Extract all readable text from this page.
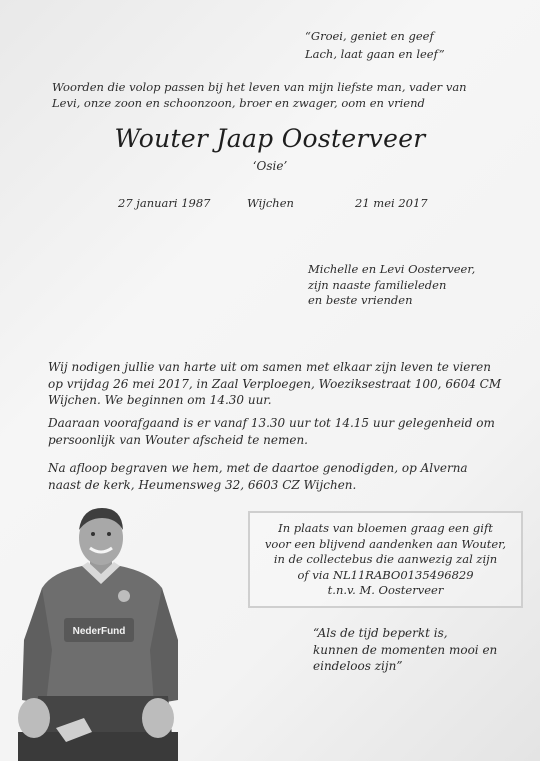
“Groei, geniet en geef
Lach, laat gaan en leef”
Woorden die volop passen bij het leven van mijn liefste man, vader van
Levi, onze zoon en schoonzoon, broer en zwager, oom en vriend
Wouter Jaap Oosterveer
‘Osie’
27 januari 1987	Wijchen	21 mei 2017
Michelle en Levi Oosterveer,
zijn naaste familieleden
en beste vrienden
Wij nodigen jullie van harte uit om samen met elkaar zijn leven te vieren
op vrijdag 26 mei 2017, in Zaal Verploegen, Woeziksestraat 100, 6604 CM
Wijchen. We beginnen om 14.30 uur.
Daaraan voorafgaand is er vanaf 13.30 uur tot 14.15 uur gelegenheid om
persoonlijk van Wouter afscheid te nemen.
Na afloop begraven we hem, met de daartoe genodigden, op Alverna
naast de kerk, Heumensweg 32, 6603 CZ Wijchen.
In plaats van bloemen graag een gift
voor een blijvend aandenken aan Wouter,
in de collectebus die aanwezig zal zijn
of via NL11RABO0135496829
t.n.v. M. Oosterveer
“Als de tijd beperkt is,
kunnen de momenten mooi en
eindeloos zijn”
NederFund
